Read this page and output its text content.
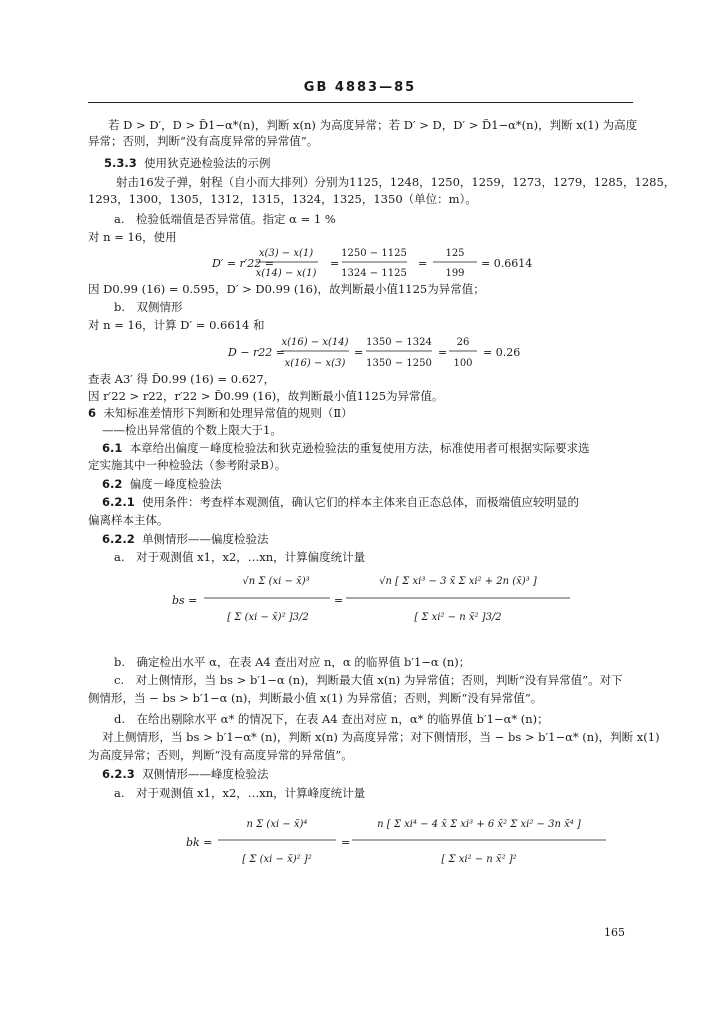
GB 4883—85
若 D > D′，D > D̃1−α*(n)，判断 x(n) 为高度异常；若 D′ > D，D′ > D̃1−α*(n)，判断 x(1) 为高度
异常；否则，判断“没有高度异常的异常值”。
5.3.3 使用狄克逊检验法的示例
射击16发子弹，射程（自小而大排列）分别为1125，1248，1250，1259，1273，1279，1285，1285，
1293，1300，1305，1312，1315，1324，1325，1350（单位：m）。
a.　检验低端值是否异常值。指定 α = 1 %
对 n = 16，使用
D′ = r′22 =
x(3) − x(1)
x(14) − x(1)
=
1250 − 1125
1324 − 1125
=
125
199
= 0.6614
因 D0.99 (16) = 0.595，D′ > D0.99 (16)，故判断最小值1125为异常值；
b.　双侧情形
对 n = 16，计算 D′ = 0.6614 和
D − r22 =
x(16) − x(14)
x(16) − x(3)
=
1350 − 1324
1350 − 1250
=
26
100
= 0.26
查表 A3′ 得 D̃0.99 (16) = 0.627，
因 r′22 > r22，r′22 > D̃0.99 (16)，故判断最小值1125为异常值。
6 未知标准差情形下判断和处理异常值的规则（Ⅱ）
——检出异常值的个数上限大于1。
6.1 本章给出偏度－峰度检验法和狄克逊检验法的重复使用方法，标准使用者可根据实际要求选
定实施其中一种检验法（参考附录B）。
6.2 偏度－峰度检验法
6.2.1 使用条件：考查样本观测值，确认它们的样本主体来自正态总体，而极端值应较明显的
偏离样本主体。
6.2.2 单侧情形——偏度检验法
a.　对于观测值 x1，x2，…xn，计算偏度统计量
bs =
√n Σ (xi − x̄)³
[ Σ (xi − x̄)² ]3/2
=
√n [ Σ xi³ − 3 x̄ Σ xi² + 2n (x̄)³ ]
[ Σ xi² − n x̄² ]3/2
b.　确定检出水平 α，在表 A4 查出对应 n，α 的临界值 b′1−α (n)；
c.　对上侧情形，当 bs > b′1−α (n)，判断最大值 x(n) 为异常值；否则，判断“没有异常值”。对下
侧情形，当 − bs > b′1−α (n)，判断最小值 x(1) 为异常值；否则，判断“没有异常值”。
d.　在给出剔除水平 α* 的情况下，在表 A4 查出对应 n，α* 的临界值 b′1−α* (n)；
对上侧情形，当 bs > b′1−α* (n)，判断 x(n) 为高度异常；对下侧情形，当 − bs > b′1−α* (n)，判断 x(1)
为高度异常；否则，判断“没有高度异常的异常值”。
6.2.3 双侧情形——峰度检验法
a.　对于观测值 x1，x2，…xn，计算峰度统计量
bk =
n Σ (xi − x̄)⁴
[ Σ (xi − x̄)² ]²
=
n [ Σ xi⁴ − 4 x̄ Σ xi³ + 6 x̄² Σ xi² − 3n x̄⁴ ]
[ Σ xi² − n x̄² ]²
165
